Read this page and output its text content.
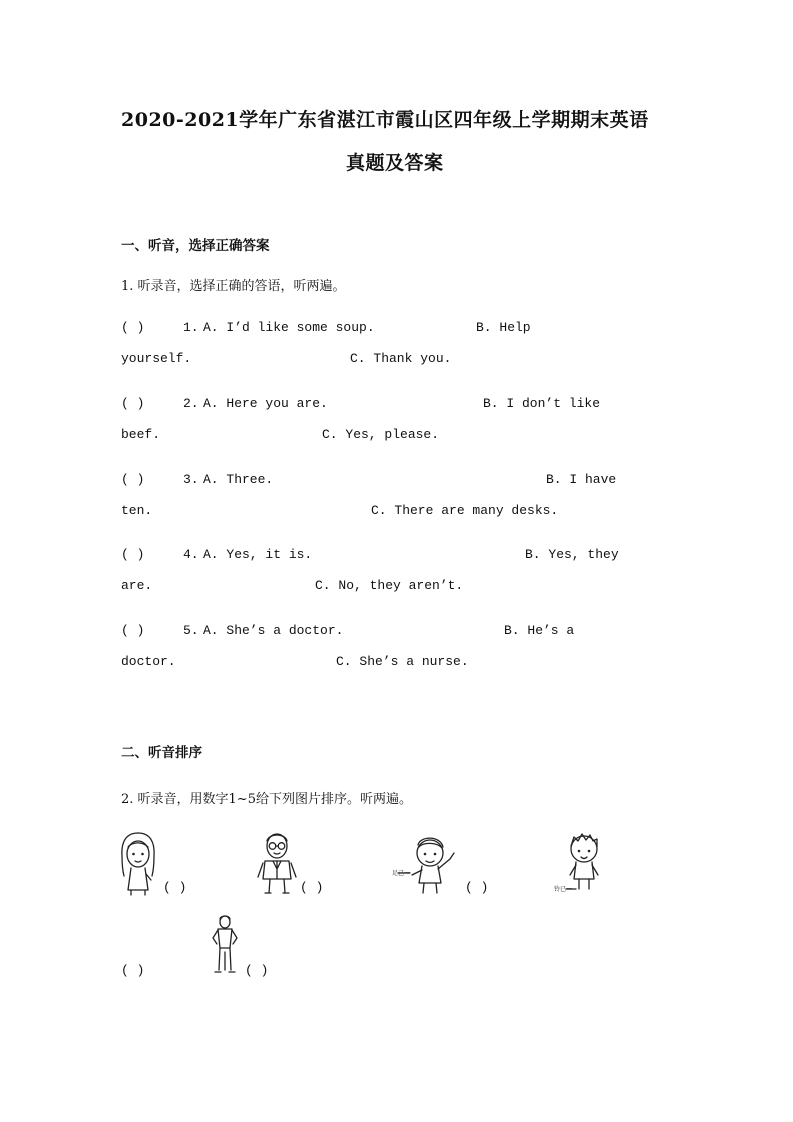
2020-2021学年广东省湛江市霞山区四年级上学期期末英语
真题及答案
一、听音，选择正确答案
1. 听录音，选择正确的答语，听两遍。
( )	1. A. I’d like some soup.	B. Help
yourself.	C. Thank you.
( )	2. A. Here you are.	B. I don’t like
beef.	C. Yes, please.
( )	3. A. Three.	B. I have
ten.	C. There are many desks.
( )	4. A. Yes, it is.	B. Yes, they
are.	C. No, they aren’t.
( )	5. A. She’s a doctor.	B. He’s a
doctor.	C. She’s a nurse.
二、听音排序
2. 听录音，用数字1~5给下列图片排序。听两遍。
( )	( )
足己一
( )	铃已一
( )	( )
